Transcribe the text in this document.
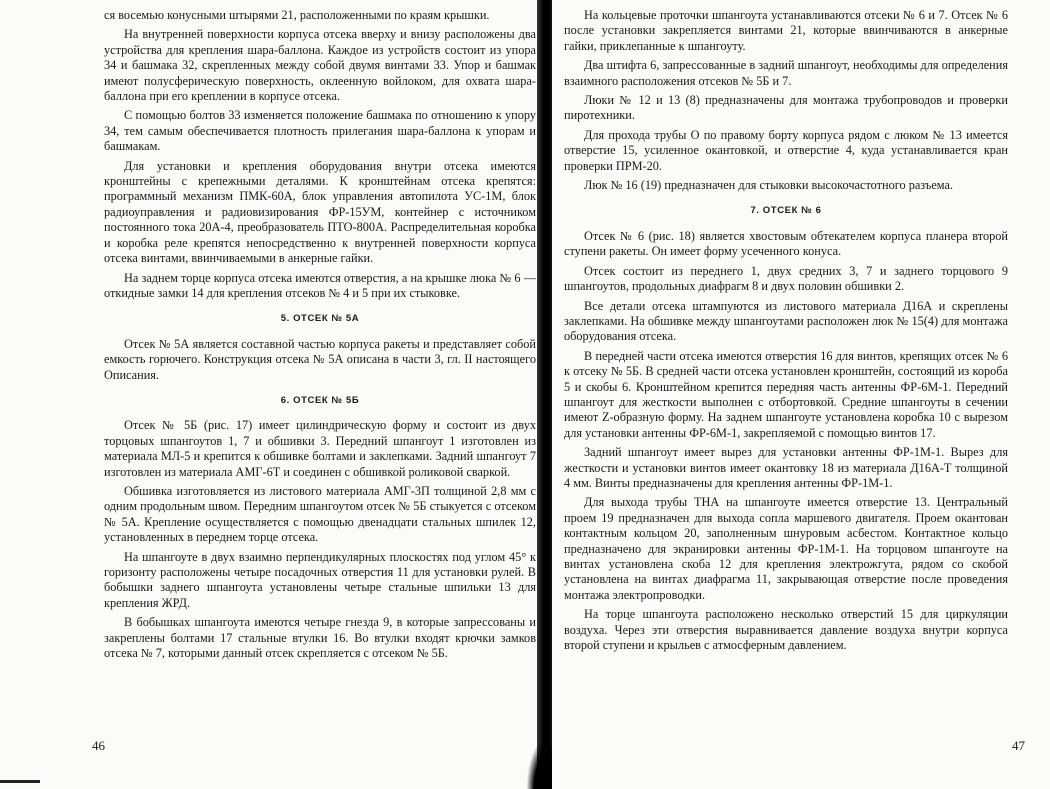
ся восемью конусными штырями 21, расположенными по краям крышки.

На внутренней поверхности корпуса отсека вверху и внизу расположены два устройства для крепления шара-баллона. Каждое из устройств состоит из упора 34 и башмака 32, скрепленных между собой двумя винтами 33. Упор и башмак имеют полусферическую поверхность, оклеенную войлоком, для охвата шара-баллона при его креплении в корпусе отсека.

С помощью болтов 33 изменяется положение башмака по отношению к упору 34, тем самым обеспечивается плотность прилегания шара-баллона к упорам и башмакам.

Для установки и крепления оборудования внутри отсека имеются кронштейны с крепежными деталями. К кронштейнам отсека крепятся: программный механизм ПМК-60А, блок управления автопилота УС-1М, блок радиоуправления и радиовизирования ФР-15УМ, контейнер с источником постоянного тока 20А-4, преобразователь ПТО-800А. Распределительная коробка и коробка реле крепятся непосредственно к внутренней поверхности корпуса отсека винтами, ввинчиваемыми в анкерные гайки.

На заднем торце корпуса отсека имеются отверстия, а на крышке люка № 6 — откидные замки 14 для крепления отсеков № 4 и 5 при их стыковке.

5. ОТСЕК № 5А

Отсек № 5А является составной частью корпуса ракеты и представляет собой емкость горючего. Конструкция отсека № 5А описана в части 3, гл. II настоящего Описания.

6. ОТСЕК № 5Б

Отсек № 5Б (рис. 17) имеет цилиндрическую форму и состоит из двух торцовых шпангоутов 1, 7 и обшивки 3. Передний шпангоут 1 изготовлен из материала МЛ-5 и крепится к обшивке болтами и заклепками. Задний шпангоут 7 изготовлен из материала АМГ-6Т и соединен с обшивкой роликовой сваркой.

Обшивка изготовляется из листового материала АМГ-3П толщиной 2,8 мм с одним продольным швом. Передним шпангоутом отсек № 5Б стыкуется с отсеком № 5А. Крепление осуществляется с помощью двенадцати стальных шпилек 12, установленных в переднем торце отсека.

На шпангоуте в двух взаимно перпендикулярных плоскостях под углом 45° к горизонту расположены четыре посадочных отверстия 11 для установки рулей. В бобышки заднего шпангоута установлены четыре стальные шпильки 13 для крепления ЖРД.

В бобышках шпангоута имеются четыре гнезда 9, в которые запрессованы и закреплены болтами 17 стальные втулки 16. Во втулки входят крючки замков отсека № 7, которыми данный отсек скрепляется с отсеком № 5Б.

46

На кольцевые проточки шпангоута устанавливаются отсеки № 6 и 7. Отсек № 6 после установки закрепляется винтами 21, которые ввинчиваются в анкерные гайки, приклепанные к шпангоуту.

Два штифта 6, запрессованные в задний шпангоут, необходимы для определения взаимного расположения отсеков № 5Б и 7.

Люки № 12 и 13 (8) предназначены для монтажа трубопроводов и проверки пиротехники.

Для прохода трубы О по правому борту корпуса рядом с люком № 13 имеется отверстие 15, усиленное окантовкой, и отверстие 4, куда устанавливается кран проверки ПРМ-20.

Люк № 16 (19) предназначен для стыковки высокочастотного разъема.

7. ОТСЕК № 6

Отсек № 6 (рис. 18) является хвостовым обтекателем корпуса планера второй ступени ракеты. Он имеет форму усеченного конуса.

Отсек состоит из переднего 1, двух средних 3, 7 и заднего торцового 9 шпангоутов, продольных диафрагм 8 и двух половин обшивки 2.

Все детали отсека штампуются из листового материала Д16А и скреплены заклепками. На обшивке между шпангоутами расположен люк № 15(4) для монтажа оборудования отсека.

В передней части отсека имеются отверстия 16 для винтов, крепящих отсек № 6 к отсеку № 5Б. В средней части отсека установлен кронштейн, состоящий из короба 5 и скобы 6. Кронштейном крепится передняя часть антенны ФР-6М-1. Передний шпангоут для жесткости выполнен с отбортовкой. Средние шпангоуты в сечении имеют Z-образную форму. На заднем шпангоуте установлена коробка 10 с вырезом для установки антенны ФР-6М-1, закрепляемой с помощью винтов 17.

Задний шпангоут имеет вырез для установки антенны ФР-1М-1. Вырез для жесткости и установки винтов имеет окантовку 18 из материала Д16А-Т толщиной 4 мм. Винты предназначены для крепления антенны ФР-1М-1.

Для выхода трубы ТНА на шпангоуте имеется отверстие 13. Центральный проем 19 предназначен для выхода сопла маршевого двигателя. Проем окантован контактным кольцом 20, заполненным шнуровым асбестом. Контактное кольцо предназначено для экранировки антенны ФР-1М-1. На торцовом шпангоуте на винтах установлена скоба 12 для крепления электрожгута, рядом со скобой установлена на винтах диафрагма 11, закрывающая отверстие после проведения монтажа электропроводки.

На торце шпангоута расположено несколько отверстий 15 для циркуляции воздуха. Через эти отверстия выравнивается давление воздуха внутри корпуса второй ступени и крыльев с атмосферным давлением.

47
